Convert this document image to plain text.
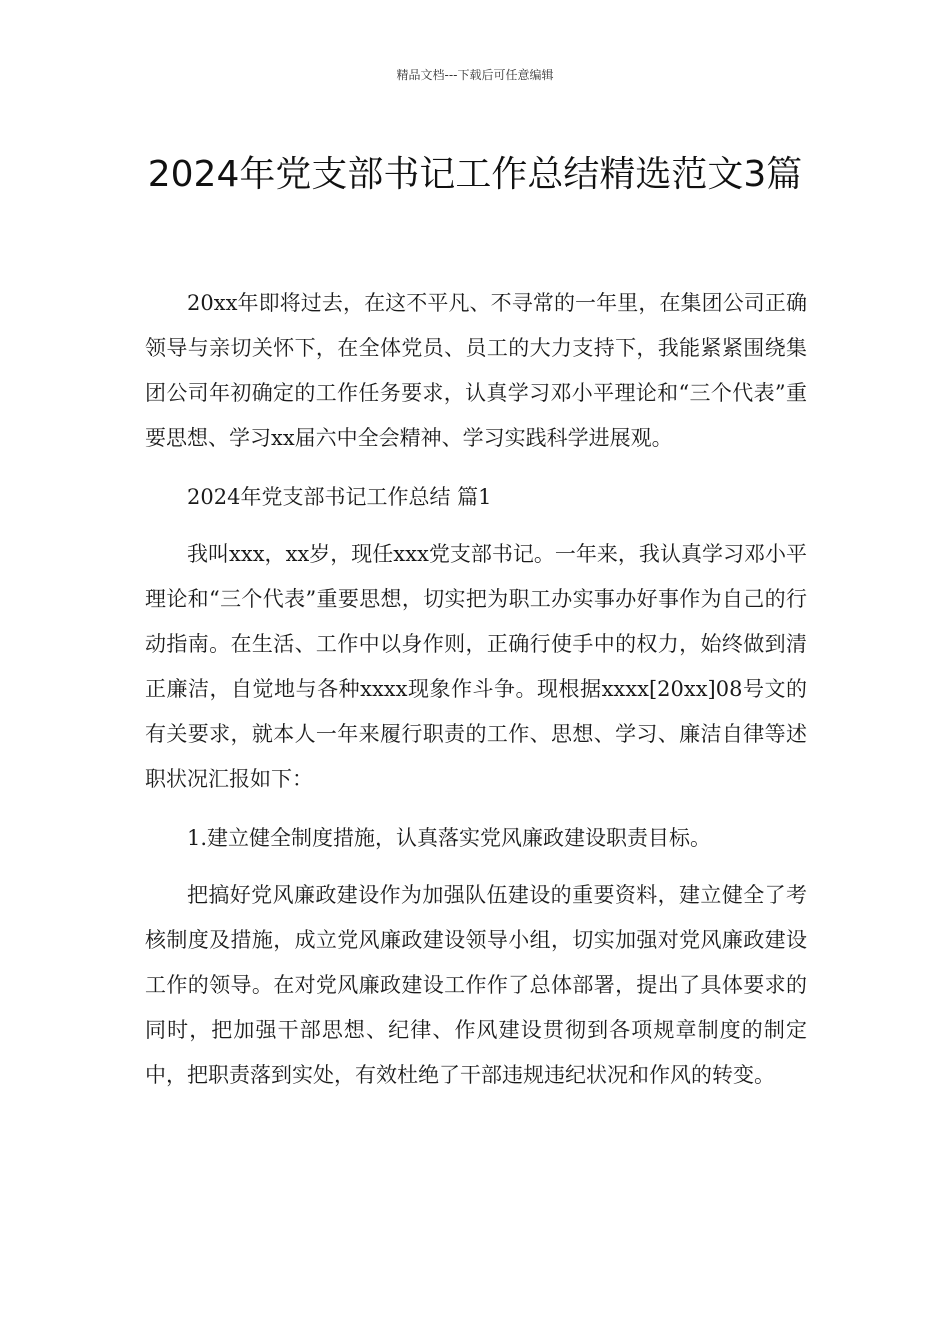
精品文档---下载后可任意编辑
2024年党支部书记工作总结精选范文3篇

20xx年即将过去，在这不平凡、不寻常的一年里，在集团公司正确领导与亲切关怀下，在全体党员、员工的大力支持下，我能紧紧围绕集团公司年初确定的工作任务要求，认真学习邓小平理论和“三个代表”重要思想、学习xx届六中全会精神、学习实践科学进展观。

2024年党支部书记工作总结 篇1

我叫xxx，xx岁，现任xxx党支部书记。一年来，我认真学习邓小平理论和“三个代表”重要思想，切实把为职工办实事办好事作为自己的行动指南。在生活、工作中以身作则，正确行使手中的权力，始终做到清正廉洁，自觉地与各种xxxx现象作斗争。现根据xxxx[20xx]08号文的有关要求，就本人一年来履行职责的工作、思想、学习、廉洁自律等述职状况汇报如下：

1.建立健全制度措施，认真落实党风廉政建设职责目标。

把搞好党风廉政建设作为加强队伍建设的重要资料，建立健全了考核制度及措施，成立党风廉政建设领导小组，切实加强对党风廉政建设工作的领导。在对党风廉政建设工作作了总体部署，提出了具体要求的同时，把加强干部思想、纪律、作风建设贯彻到各项规章制度的制定中，把职责落到实处，有效杜绝了干部违规违纪状况和作风的转变。
